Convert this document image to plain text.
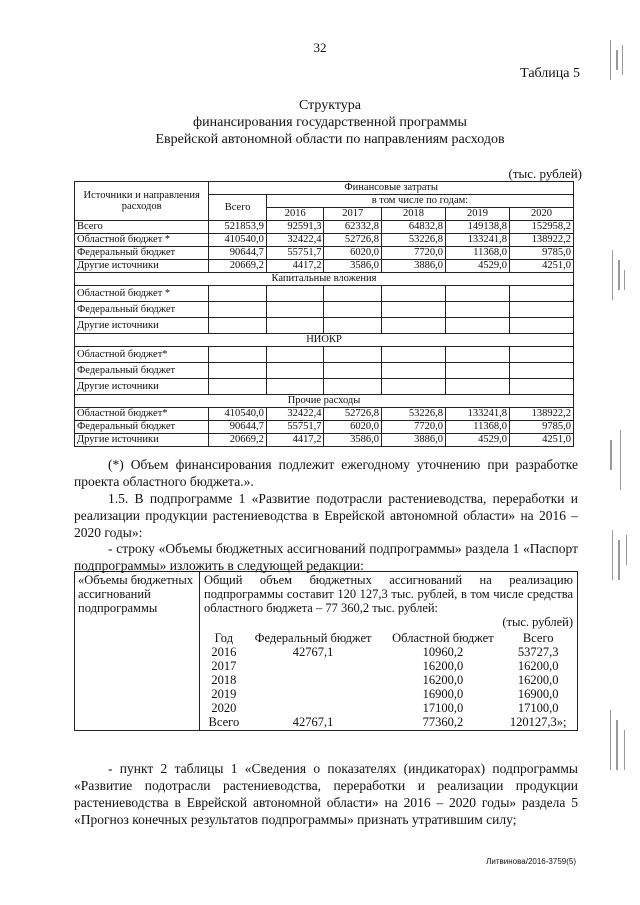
32
Таблица 5
Структура
финансирования государственной программы
Еврейской автономной области по направлениям расходов
(тыс. рублей)
Источники и направления расходов	Финансовые затраты					
	Всего	в том числе по годам:				
		2016	2017	2018	2019	2020
Всего	521853,9	92591,3	62332,8	64832,8	149138,8	152958,2
Областной бюджет *	410540,0	32422,4	52726,8	53226,8	133241,8	138922,2
Федеральный бюджет	90644,7	55751,7	6020,0	7720,0	11368,0	9785,0
Другие источники	20669,2	4417,2	3586,0	3886,0	4529,0	4251,0
Капитальные вложения						
Областной бюджет *						
Федеральный бюджет						
Другие источники						
НИОКР						
Областной бюджет*						
Федеральный бюджет						
Другие источники						
Прочие расходы						
Областной бюджет*	410540,0	32422,4	52726,8	53226,8	133241,8	138922,2
Федеральный бюджет	90644,7	55751,7	6020,0	7720,0	11368,0	9785,0
Другие источники	20669,2	4417,2	3586,0	3886,0	4529,0	4251,0
(*) Объем финансирования подлежит ежегодному уточнению при разработке проекта областного бюджета.».
1.5. В подпрограмме 1 «Развитие подотрасли растениеводства, переработки и реализации продукции растениеводства в Еврейской автономной области» на 2016 – 2020 годы»:
- строку «Объемы бюджетных ассигнований подпрограммы» раздела 1 «Паспорт подпрограммы» изложить в следующей редакции:
«Объемы бюджетных ассигнований подпрограммы	
Общий объем бюджетных ассигнований на реализацию подпрограммы составит 120 127,3 тыс. рублей, в том числе средства областного бюджета – 77 360,2 тыс. рублей:
(тыс. рублей)
Год	Федеральный бюджет	Областной бюджет	Всего
2016	42767,1	10960,2	53727,3
2017		16200,0	16200,0
2018		16200,0	16200,0
2019		16900,0	16900,0
2020		17100,0	17100,0
Всего	42767,1	77360,2	120127,3»;
- пункт 2 таблицы 1 «Сведения о показателях (индикаторах) подпрограммы «Развитие подотрасли растениеводства, переработки и реализации продукции растениеводства в Еврейской автономной области» на 2016 – 2020 годы» раздела 5 «Прогноз конечных результатов подпрограммы» признать утратившим силу;
Литвинова/2016-3759(5)
